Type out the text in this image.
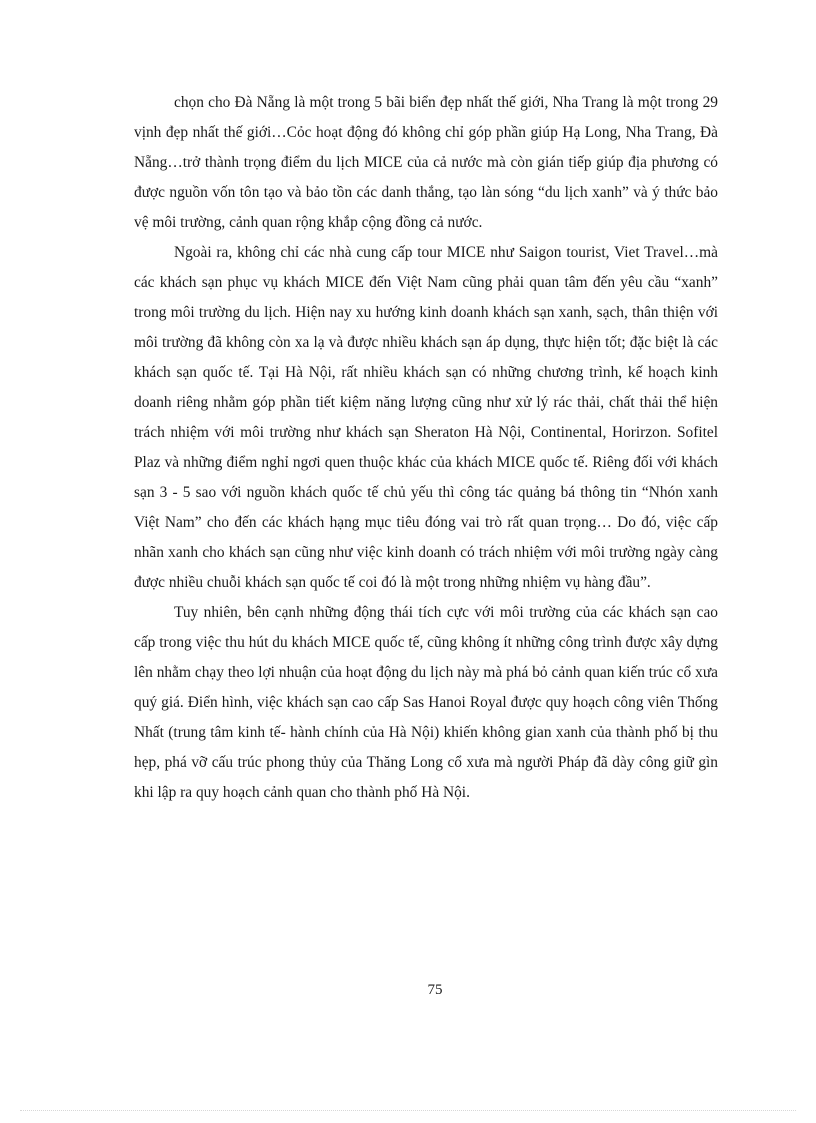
chọn cho Đà Nẵng là một trong 5 bãi biển đẹp nhất thế giới, Nha Trang là một trong 29 vịnh đẹp nhất thế giới…Cỏc hoạt động đó không chỉ góp phần giúp Hạ Long, Nha Trang, Đà Nẵng…trở thành trọng điểm du lịch MICE của cả nước mà còn gián tiếp giúp địa phương có được nguồn vốn tôn tạo và bảo tồn các danh thắng, tạo làn sóng “du lịch xanh” và ý thức bảo vệ môi trường, cảnh quan rộng khắp cộng đồng cả nước.

Ngoài ra, không chỉ các nhà cung cấp tour MICE như Saigon tourist, Viet Travel…mà các khách sạn phục vụ khách MICE đến Việt Nam cũng phải quan tâm đến yêu cầu “xanh” trong môi trường du lịch. Hiện nay xu hướng kinh doanh khách sạn xanh, sạch, thân thiện với môi trường đã không còn xa lạ và được nhiều khách sạn áp dụng, thực hiện tốt; đặc biệt là các khách sạn quốc tế. Tại Hà Nội, rất nhiều khách sạn có những chương trình, kế hoạch kinh doanh riêng nhằm góp phần tiết kiệm năng lượng cũng như xử lý rác thải, chất thải thể hiện trách nhiệm với môi trường như khách sạn Sheraton Hà Nội, Continental, Horirzon. Sofitel Plaz và những điểm nghỉ ngơi quen thuộc khác của khách MICE quốc tế. Riêng đối với khách sạn 3 - 5 sao với nguồn khách quốc tế chủ yếu thì công tác quảng bá thông tin “Nhón xanh Việt Nam” cho đến các khách hạng mục tiêu đóng vai trò rất quan trọng… Do đó, việc cấp nhãn xanh cho khách sạn cũng như việc kinh doanh có trách nhiệm với môi trường ngày càng được nhiều chuỗi khách sạn quốc tế coi đó là một trong những nhiệm vụ hàng đầu”.

Tuy nhiên, bên cạnh những động thái tích cực với môi trường của các khách sạn cao cấp trong việc thu hút du khách MICE quốc tế, cũng không ít những công trình được xây dựng lên nhằm chạy theo lợi nhuận của hoạt động du lịch này mà phá bỏ cảnh quan kiến trúc cổ xưa quý giá. Điển hình, việc khách sạn cao cấp Sas Hanoi Royal được quy hoạch công viên Thống Nhất (trung tâm kinh tế- hành chính của Hà Nội) khiến không gian xanh của thành phố bị thu hẹp, phá vỡ cấu trúc phong thủy của Thăng Long cổ xưa mà người Pháp đã dày công giữ gìn khi lập ra quy hoạch cảnh quan cho thành phố Hà Nội.

75
